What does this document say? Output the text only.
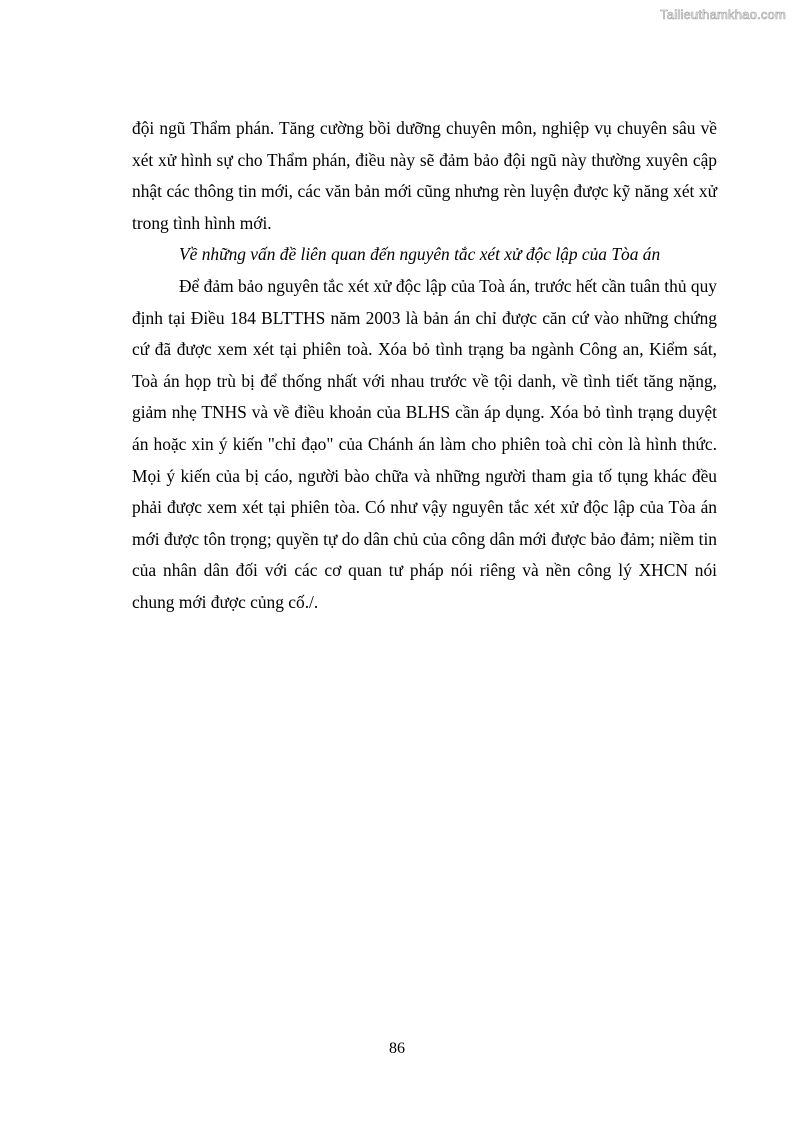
Tailieuthamkhao.com

đội ngũ Thẩm phán. Tăng cường bồi dưỡng chuyên môn, nghiệp vụ chuyên sâu về xét xử hình sự cho Thẩm phán, điều này sẽ đảm bảo đội ngũ này thường xuyên cập nhật các thông tin mới, các văn bản mới cũng nhưng rèn luyện được kỹ năng xét xử trong tình hình mới.

Về những vấn đề liên quan đến nguyên tắc xét xử độc lập của Tòa án

Để đảm bảo nguyên tắc xét xử độc lập của Toà án, trước hết cần tuân thủ quy định tại Điều 184 BLTTHS năm 2003 là bản án chỉ được căn cứ vào những chứng cứ đã được xem xét tại phiên toà. Xóa bỏ tình trạng ba ngành Công an, Kiểm sát, Toà án họp trù bị để thống nhất với nhau trước về tội danh, về tình tiết tăng nặng, giảm nhẹ TNHS và về điều khoản của BLHS cần áp dụng. Xóa bỏ tình trạng duyệt án hoặc xin ý kiến "chỉ đạo" của Chánh án làm cho phiên toà chỉ còn là hình thức. Mọi ý kiến của bị cáo, người bào chữa và những người tham gia tố tụng khác đều phải được xem xét tại phiên tòa. Có như vậy nguyên tắc xét xử độc lập của Tòa án mới được tôn trọng; quyền tự do dân chủ của công dân mới được bảo đảm; niềm tin của nhân dân đối với các cơ quan tư pháp nói riêng và nền công lý XHCN nói chung mới được củng cố./.

86
